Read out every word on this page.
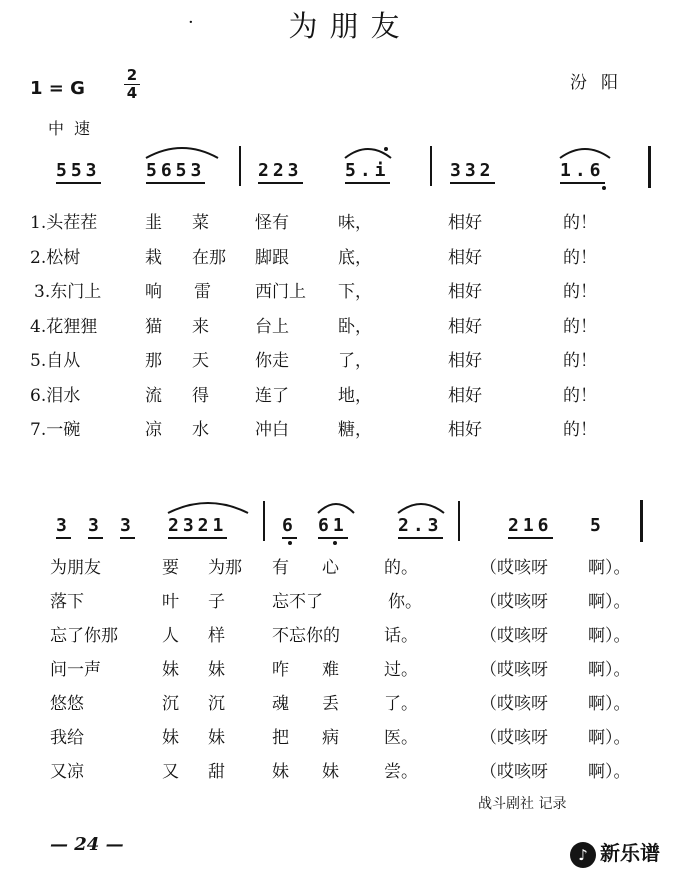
为朋友
·
1 = G
2
4	汾阳
中速
553	5653	223 5.i	332	1.6
3 3 3 2321	6 61	2.3	216 5
1.头茬茬	韭 菜	怪有	味，	相好	的！
2.松树	栽 在那 脚跟	底，	相好	的！
3.东门上	响 雷	西门上 下，	相好	的！
4.花狸狸	猫 来	台上	卧，	相好	的！
5.自从	那 天	你走	了，	相好	的！
6.泪水	流 得	连了	地，	相好	的！
7.一碗	凉 水	冲白	糖，	相好	的！
为朋友	要 为那 有 心	的。	（哎咳呀 啊）。
落下	叶 子	忘不了	你。	（哎咳呀 啊）。
忘了你那	人 样	不忘你的	话。	（哎咳呀 啊）。
问一声	妹 妹	咋 难	过。	（哎咳呀 啊）。
悠悠	沉 沉	魂 丢	了。	（哎咳呀 啊）。
我给	妹 妹	把 病	医。	（哎咳呀 啊）。
又凉	又 甜	妹 妹	尝。	（哎咳呀 啊）。
战斗剧社 记录
— 24 —	♪ 新乐谱
